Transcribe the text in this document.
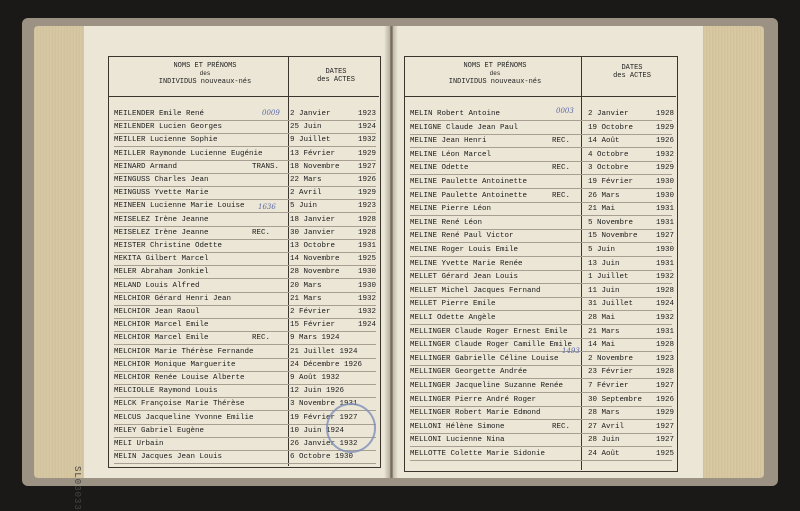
NOMS ET PRÉNOMS
des
INDIVIDUS nouveaux-nés
DATES
des ACTES
MEILENDER Emile René	2 Janvier	1923
MEILENDER Lucien Georges	25 Juin	1924
MEILLER Lucienne Sophie	9 Juillet	1932
MEILLER Raymonde Lucienne Eugénie	13 Février	1929
MEINARD Armand	TRANS. 18 Novembre 1927
MEINGUSS Charles Jean	22 Mars	1926
MEINGUSS Yvette Marie	2 Avril	1929
MEINEEN Lucienne Marie Louise	5 Juin	1923
MEISELEZ Irène Jeanne	18 Janvier	1928
MEISELEZ Irène Jeanne	REC.	30 Janvier	1928
MEISTER Christine Odette	13 Octobre	1931
MEKITA Gilbert Marcel	14 Novembre 1925
MELER Abraham Jonkiel	28 Novembre 1930
MELAND Louis Alfred	20 Mars	1930
MELCHIOR Gérard Henri Jean	21 Mars	1932
MELCHIOR Jean Raoul	2 Février	1932
MELCHIOR Marcel Emile	15 Février	1924
MELCHIOR Marcel Emile	REC.	9 Mars 1924
MELCHIOR Marie Thérèse Fernande	21 Juillet 1924
MELCHIOR Monique Marguerite	24 Décembre 1926
MELCHIOR Renée Louise Alberte	9 Août 1932
MELCIOLLE Raymond Louis	12 Juin 1926
MELCK Françoise Marie Thérèse	3 Novembre 1931
MELCUS Jacqueline Yvonne Emilie	19 Février 1927
MELEY Gabriel Eugène	10 Juin 1924
MELI Urbain	26 Janvier 1932
MELIN Jacques Jean Louis	6 Octobre 1930
0009
1636
SL03033
NOMS ET PRÉNOMS
des
INDIVIDUS nouveaux-nés
DATES
des ACTES
MELIN Robert Antoine	2 Janvier	1928
MELIGNE Claude Jean Paul	19 Octobre	1929
MELINE Jean Henri	REC. 14 Août	1926
MELINE Léon Marcel	4 Octobre	1932
MELINE Odette	REC. 3 Octobre	1929
MELINE Paulette Antoinette	19 Février	1930
MELINE Paulette Antoinette	REC. 26 Mars	1930
MELINE Pierre Léon	21 Mai	1931
MELINE René Léon	5 Novembre	1931
MELINE René Paul Victor	15 Novembre 1927
MELINE Roger Louis Emile	5 Juin	1930
MELINE Yvette Marie Renée	13 Juin	1931
MELLET Gérard Jean Louis	1 Juillet	1932
MELLET Michel Jacques Fernand	11 Juin	1928
MELLET Pierre Emile	31 Juillet	1924
MELLI Odette Angèle	28 Mai	1932
MELLINGER Claude Roger Ernest Emile	21 Mars	1931
MELLINGER Claude Roger Camille Emile 14 Mai	1928
MELLINGER Gabrielle Céline Louise	2 Novembre	1923
MELLINGER Georgette Andrée	23 Février	1928
MELLINGER Jacqueline Suzanne Renée	7 Février	1927
MELLINGER Pierre André Roger	30 Septembre 1926
MELLINGER Robert Marie Edmond	28 Mars	1929
MELLONI Hélène Simone	REC. 27 Avril	1927
MELLONI Lucienne Nina	28 Juin	1927
MELLOTTE Colette Marie Sidonie	24 Août	1925
0003
1493
